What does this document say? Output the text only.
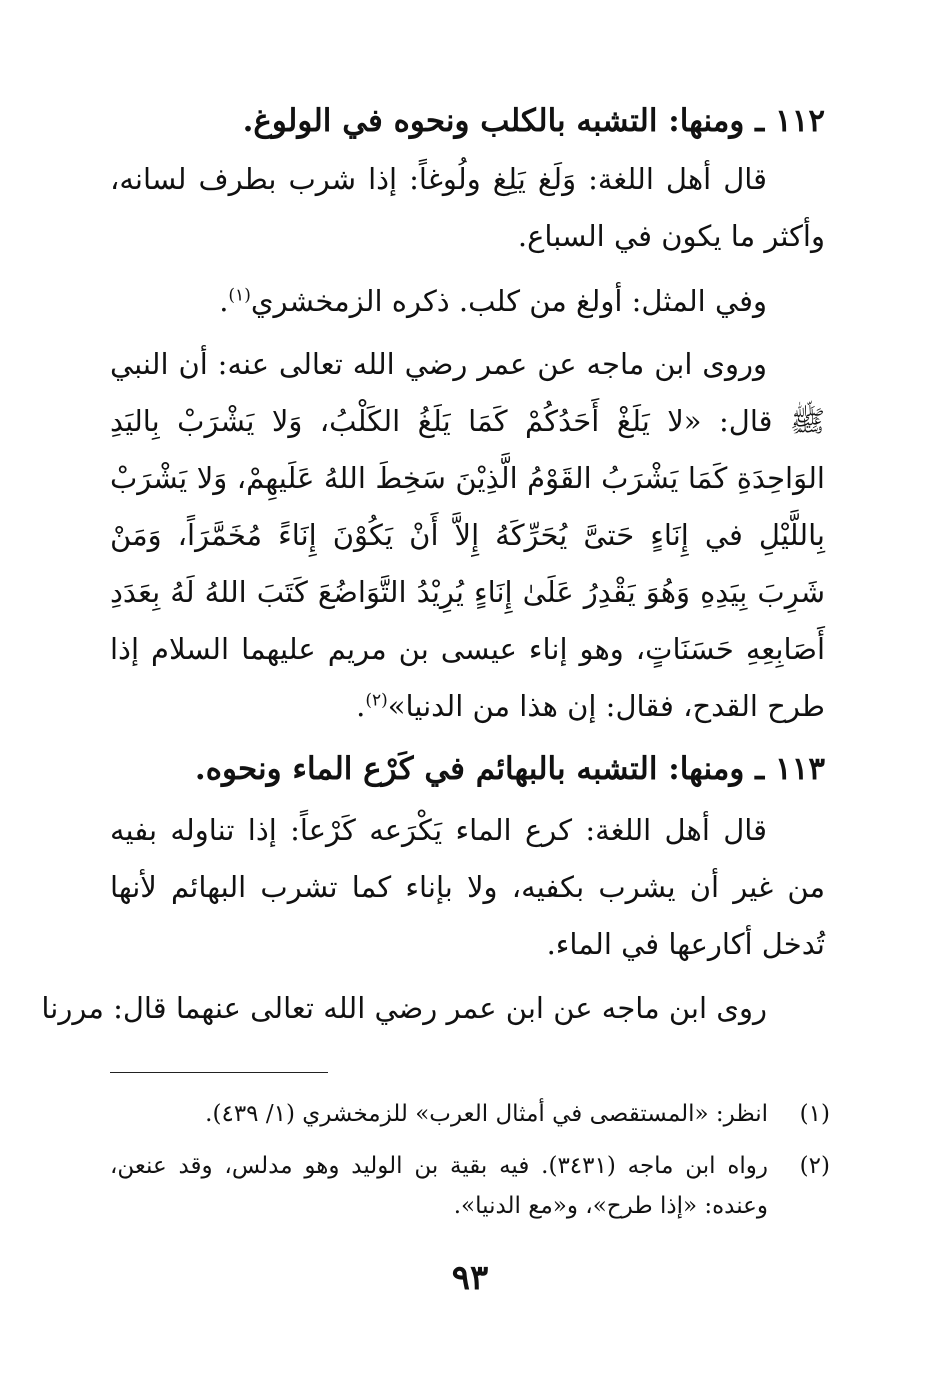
١١٢ ـ ومنها: التشبه بالكلب ونحوه في الولوغ.

قال أهل اللغة: وَلَغ يَلِغ ولُوغاً: إذا شرب بطرف لسانه، وأكثر ما يكون في السباع.

وفي المثل: أولغ من كلب. ذكره الزمخشري$^{(١)}$.

وروى ابن ماجه عن عمر رضي الله تعالى عنه: أن النبي ﷺ قال: «لا يَلَغْ أَحَدُكُمْ كَمَا يَلَغُ الكَلْبُ، وَلا يَشْرَبْ بِاليَدِ الوَاحِدَةِ كَمَا يَشْرَبُ القَوْمُ الَّذِيْنَ سَخِطَ اللهُ عَلَيهِمْ، وَلا يَشْرَبْ بِاللَّيْلِ في إِنَاءٍ حَتىَّ يُحَرِّكَهُ إِلاَّ أَنْ يَكُوْنَ إِنَاءً مُخَمَّرَاً، وَمَنْ شَرِبَ بِيَدِهِ وَهُوَ يَقْدِرُ عَلَىٰ إِنَاءٍ يُرِيْدُ التَّوَاضُعَ كَتَبَ اللهُ لَهُ بِعَدَدِ أَصَابِعِهِ حَسَنَاتٍ، وهو إناء عيسى بن مريم عليهما السلام إذا طرح القدح، فقال: إن هذا من الدنيا»$^{(٢)}$.

١١٣ ـ ومنها: التشبه بالبهائم في كَرْع الماء ونحوه.

قال أهل اللغة: كرع الماء يَكْرَعه كَرْعاً: إذا تناوله بفيه من غير أن يشرب بكفيه، ولا بإناء كما تشرب البهائم لأنها تُدخل أكارعها في الماء.

روى ابن ماجه عن ابن عمر رضي الله تعالى عنهما قال: مررنا
(١)
انظر: «المستقصى في أمثال العرب» للزمخشري (١/ ٤٣٩).
(٢)
رواه ابن ماجه (٣٤٣١). فيه بقية بن الوليد وهو مدلس، وقد عنعن، وعنده: «إذا طرح»، و«مع الدنيا».
٩٣
